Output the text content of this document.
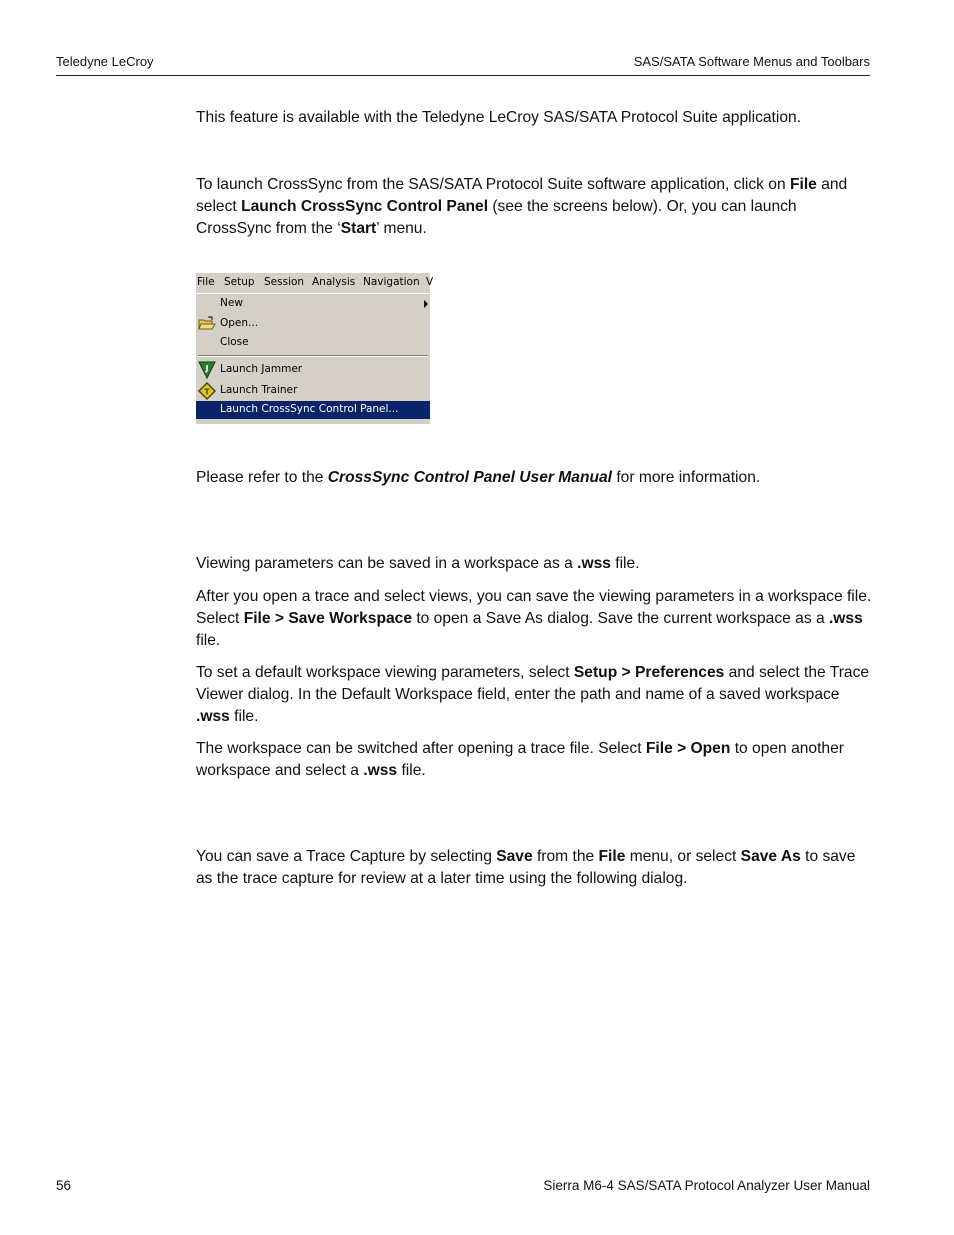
Teledyne LeCroy	SAS/SATA Software Menus and Toolbars

This feature is available with the Teledyne LeCroy SAS/SATA Protocol Suite application.

To launch CrossSync from the SAS/SATA Protocol Suite software application, click on File and select Launch CrossSync Control Panel (see the screens below). Or, you can launch CrossSync from the ‘Start’ menu.

File Setup Session Analysis Navigation V
New
Open...
Close
J Launch Jammer
T Launch Trainer
Launch CrossSync Control Panel...

Please refer to the CrossSync Control Panel User Manual for more information.

Viewing parameters can be saved in a workspace as a .wss file.

After you open a trace and select views, you can save the viewing parameters in a workspace file. Select File > Save Workspace to open a Save As dialog. Save the current workspace as a .wss file.

To set a default workspace viewing parameters, select Setup > Preferences and select the Trace Viewer dialog. In the Default Workspace field, enter the path and name of a saved workspace .wss file.

The workspace can be switched after opening a trace file. Select File > Open to open another workspace and select a .wss file.

You can save a Trace Capture by selecting Save from the File menu, or select Save As to save as the trace capture for review at a later time using the following dialog.

56	Sierra M6-4 SAS/SATA Protocol Analyzer User Manual
